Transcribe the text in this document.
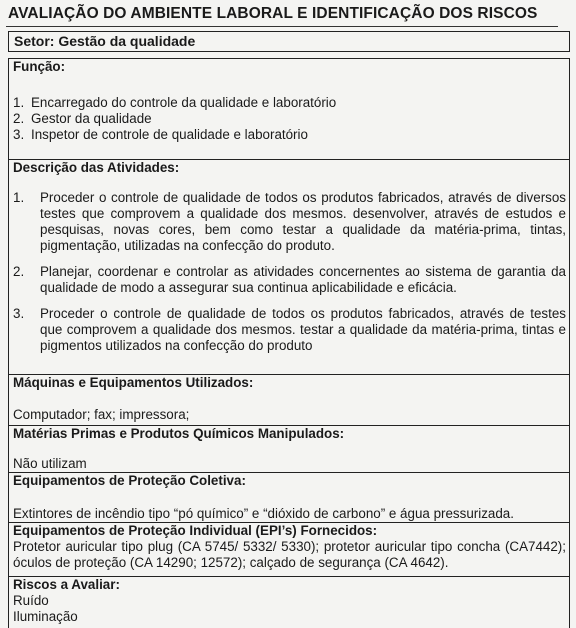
AVALIAÇÃO DO AMBIENTE LABORAL E IDENTIFICAÇÃO DOS RISCOS
Setor: Gestão da qualidade
Função:

1. Encarregado do controle da qualidade e laboratório

2. Gestor da qualidade

3. Inspetor de controle de qualidade e laboratório

Descrição das Atividades:

1. Proceder o controle de qualidade de todos os produtos fabricados, através de diversos testes que comprovem a qualidade dos mesmos. desenvolver, através de estudos e pesquisas, novas cores, bem como testar a qualidade da matéria-prima, tintas, pigmentação, utilizadas na confecção do produto.

2. Planejar, coordenar e controlar as atividades concernentes ao sistema de garantia da qualidade de modo a assegurar sua continua aplicabilidade e eficácia.

3. Proceder o controle de qualidade de todos os produtos fabricados, através de testes que comprovem a qualidade dos mesmos. testar a qualidade da matéria-prima, tintas e pigmentos utilizados na confecção do produto

Máquinas e Equipamentos Utilizados:
Computador; fax; impressora;
Matérias Primas e Produtos Químicos Manipulados:
Não utilizam
Equipamentos de Proteção Coletiva:
Extintores de incêndio tipo “pó químico” e “dióxido de carbono” e água pressurizada.
Equipamentos de Proteção Individual (EPI’s) Fornecidos:
Protetor auricular tipo plug (CA 5745/ 5332/ 5330); protetor auricular tipo concha (CA7442); óculos de proteção (CA 14290; 12572); calçado de segurança (CA 4642).
Riscos a Avaliar:
Ruído
Iluminação
